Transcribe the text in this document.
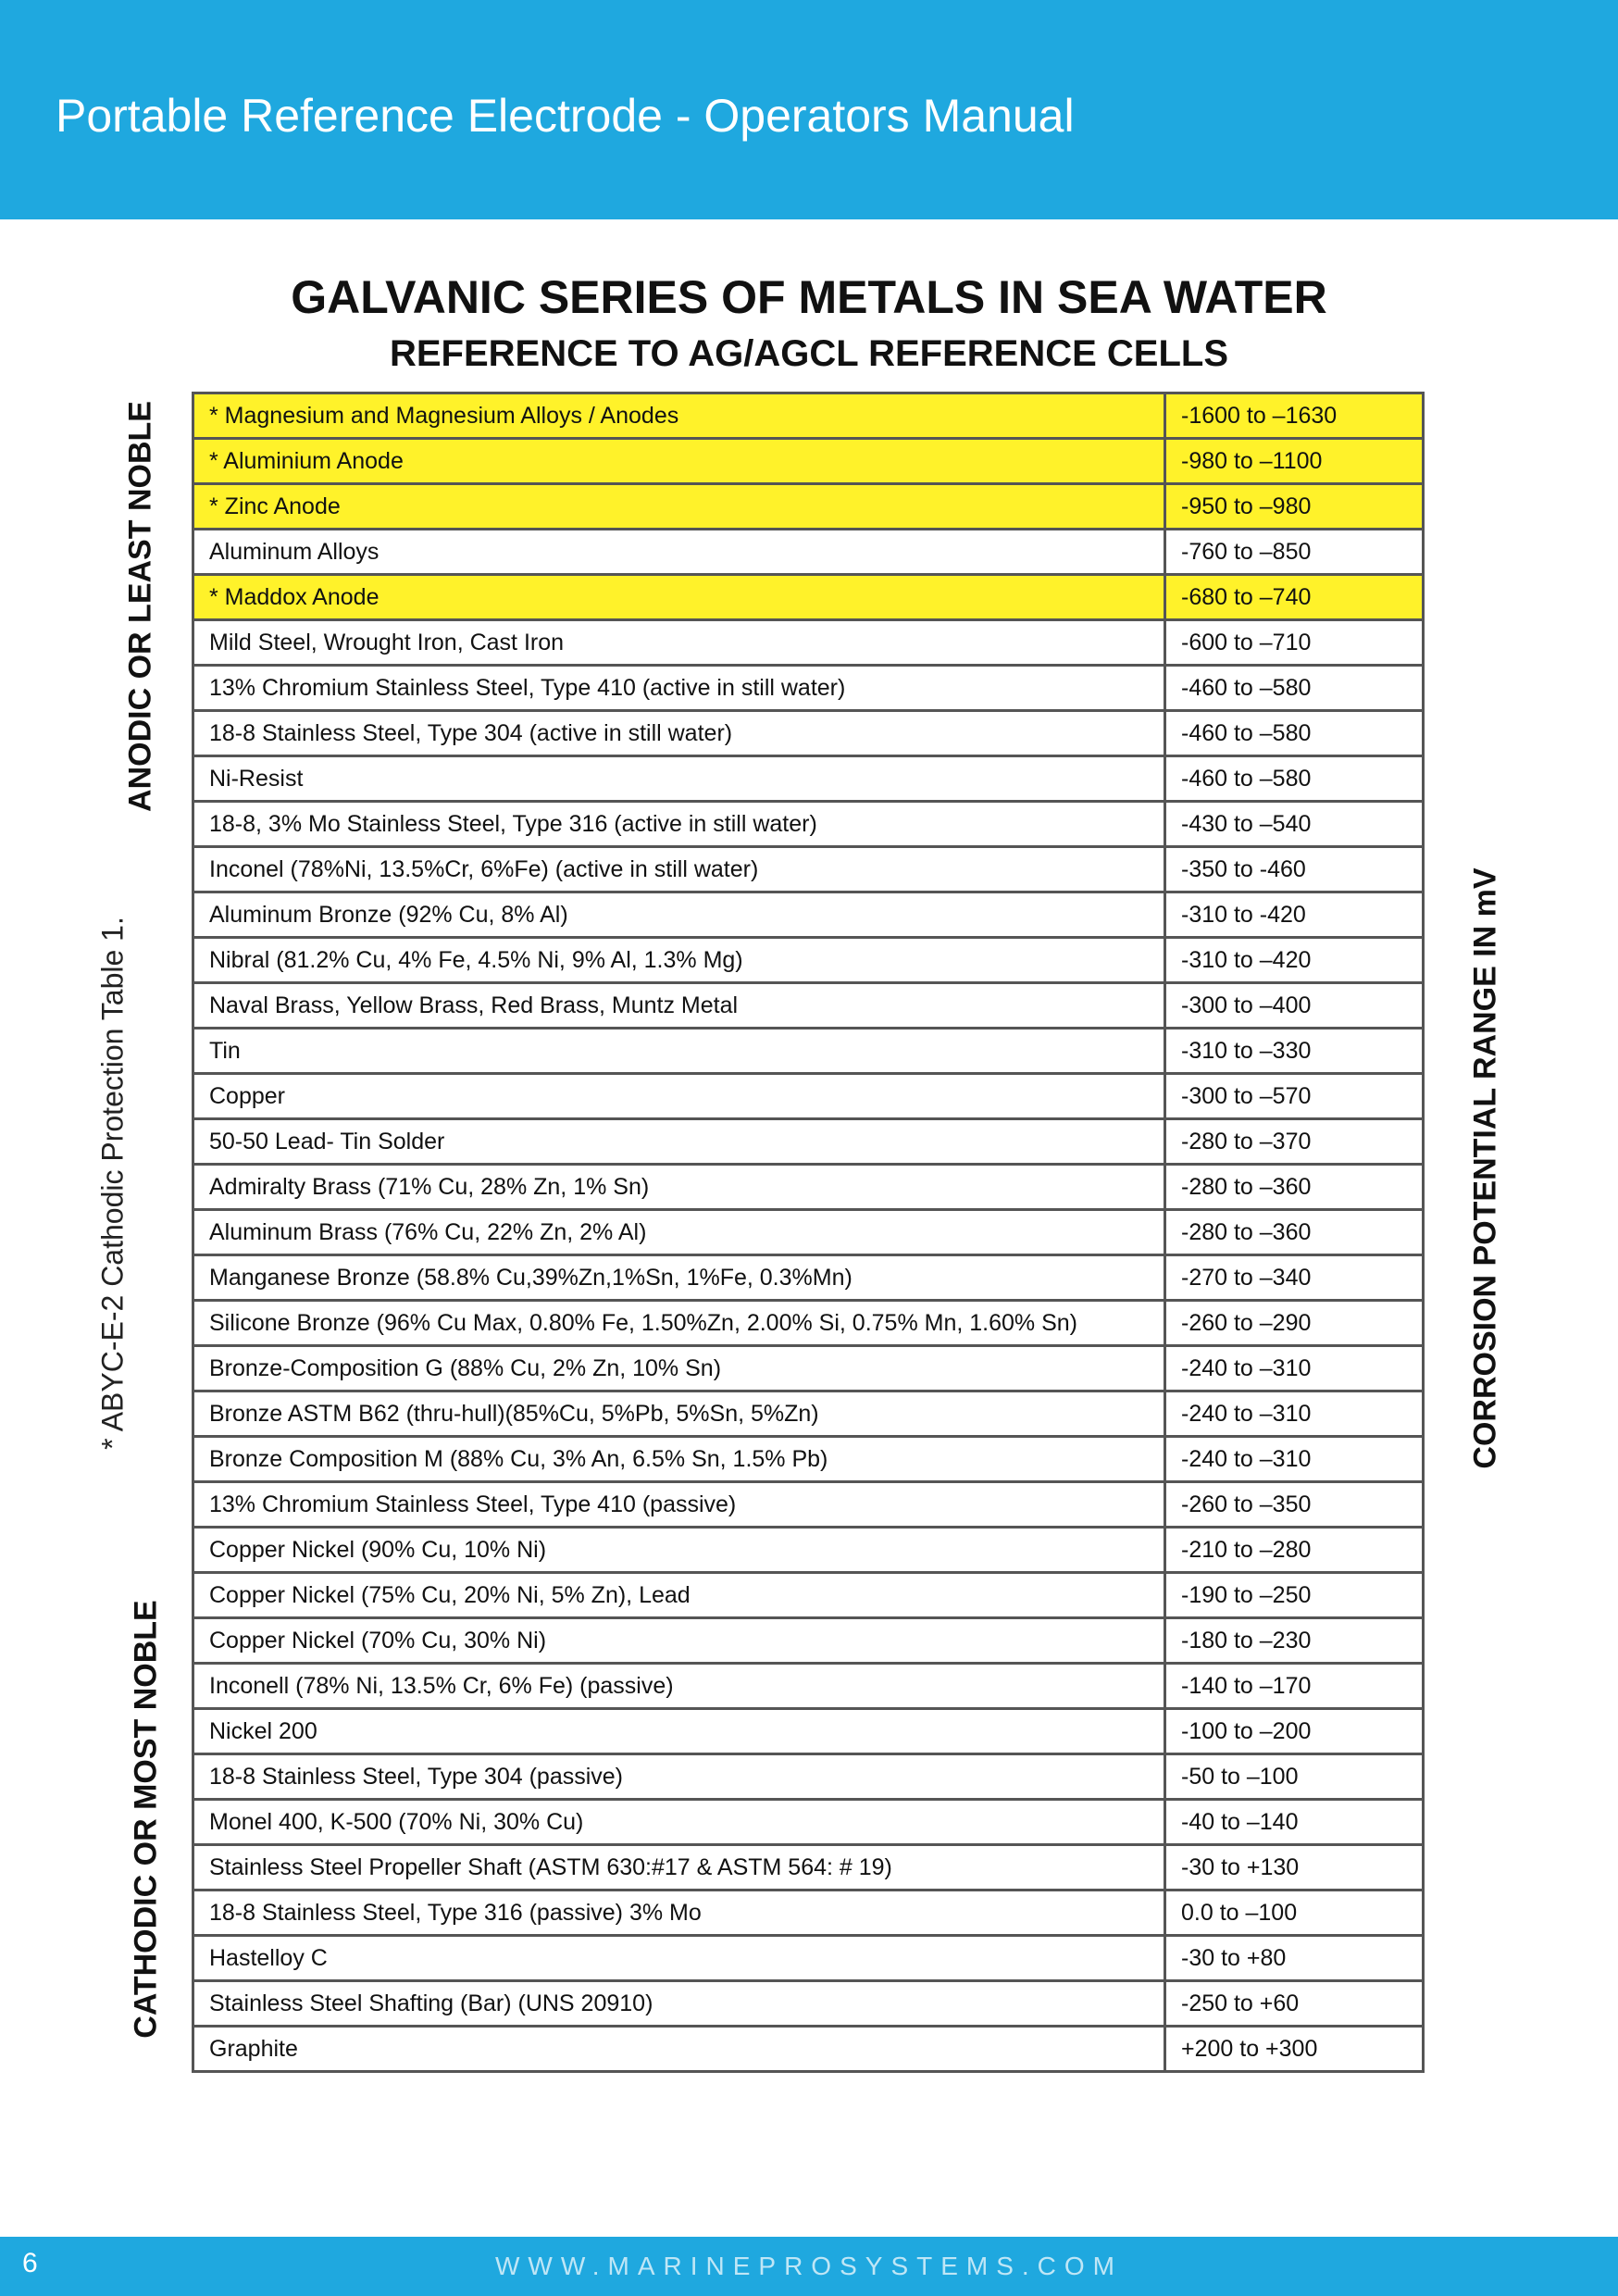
Portable Reference Electrode - Operators Manual
GALVANIC SERIES OF METALS IN SEA WATER
REFERENCE TO AG/AGCL REFERENCE CELLS
ANODIC OR LEAST NOBLE
CATHODIC OR MOST NOBLE
* ABYC-E-2 Cathodic Protection Table 1.	CORROSION POTENTIAL RANGE IN mV
* Magnesium and Magnesium Alloys / Anodes	-1600 to –1630
* Aluminium Anode	-980 to –1100
* Zinc Anode	-950 to –980
Aluminum Alloys	-760 to –850
* Maddox Anode	-680 to –740
Mild Steel, Wrought Iron, Cast Iron	-600 to –710
13% Chromium Stainless Steel, Type 410 (active in still water)	-460 to –580
18-8 Stainless Steel, Type 304 (active in still water)	-460 to –580
Ni-Resist	-460 to –580
18-8, 3% Mo Stainless Steel, Type 316 (active in still water)	-430 to –540
Inconel (78%Ni, 13.5%Cr, 6%Fe) (active in still water)	-350 to -460
Aluminum Bronze (92% Cu, 8% Al)	-310 to -420
Nibral (81.2% Cu, 4% Fe, 4.5% Ni, 9% Al, 1.3% Mg)	-310 to –420
Naval Brass, Yellow Brass, Red Brass, Muntz Metal	-300 to –400
Tin	-310 to –330
Copper	-300 to –570
50-50 Lead- Tin Solder	-280 to –370
Admiralty Brass (71% Cu, 28% Zn, 1% Sn)	-280 to –360
Aluminum Brass (76% Cu, 22% Zn, 2% Al)	-280 to –360
Manganese Bronze (58.8% Cu,39%Zn,1%Sn, 1%Fe, 0.3%Mn)	-270 to –340
Silicone Bronze (96% Cu Max, 0.80% Fe, 1.50%Zn, 2.00% Si, 0.75% Mn, 1.60% Sn)	-260 to –290
Bronze-Composition G (88% Cu, 2% Zn, 10% Sn)	-240 to –310
Bronze ASTM B62 (thru-hull)(85%Cu, 5%Pb, 5%Sn, 5%Zn)	-240 to –310
Bronze Composition M (88% Cu, 3% An, 6.5% Sn, 1.5% Pb)	-240 to –310
13% Chromium Stainless Steel, Type 410 (passive)	-260 to –350
Copper Nickel (90% Cu, 10% Ni)	-210 to –280
Copper Nickel (75% Cu, 20% Ni, 5% Zn), Lead	-190 to –250
Copper Nickel (70% Cu, 30% Ni)	-180 to –230
Inconell (78% Ni, 13.5% Cr, 6% Fe) (passive)	-140 to –170
Nickel 200	-100 to –200
18-8 Stainless Steel, Type 304 (passive)	-50 to –100
Monel 400, K-500 (70% Ni, 30% Cu)	-40 to –140
Stainless Steel Propeller Shaft (ASTM 630:#17 & ASTM 564: # 19)	-30 to +130
18-8 Stainless Steel, Type 316 (passive) 3% Mo	0.0 to –100
Hastelloy C	-30 to +80
Stainless Steel Shafting (Bar) (UNS 20910)	-250 to +60
Graphite	+200 to +300
6	WWW.MARINEPROSYSTEMS.COM
